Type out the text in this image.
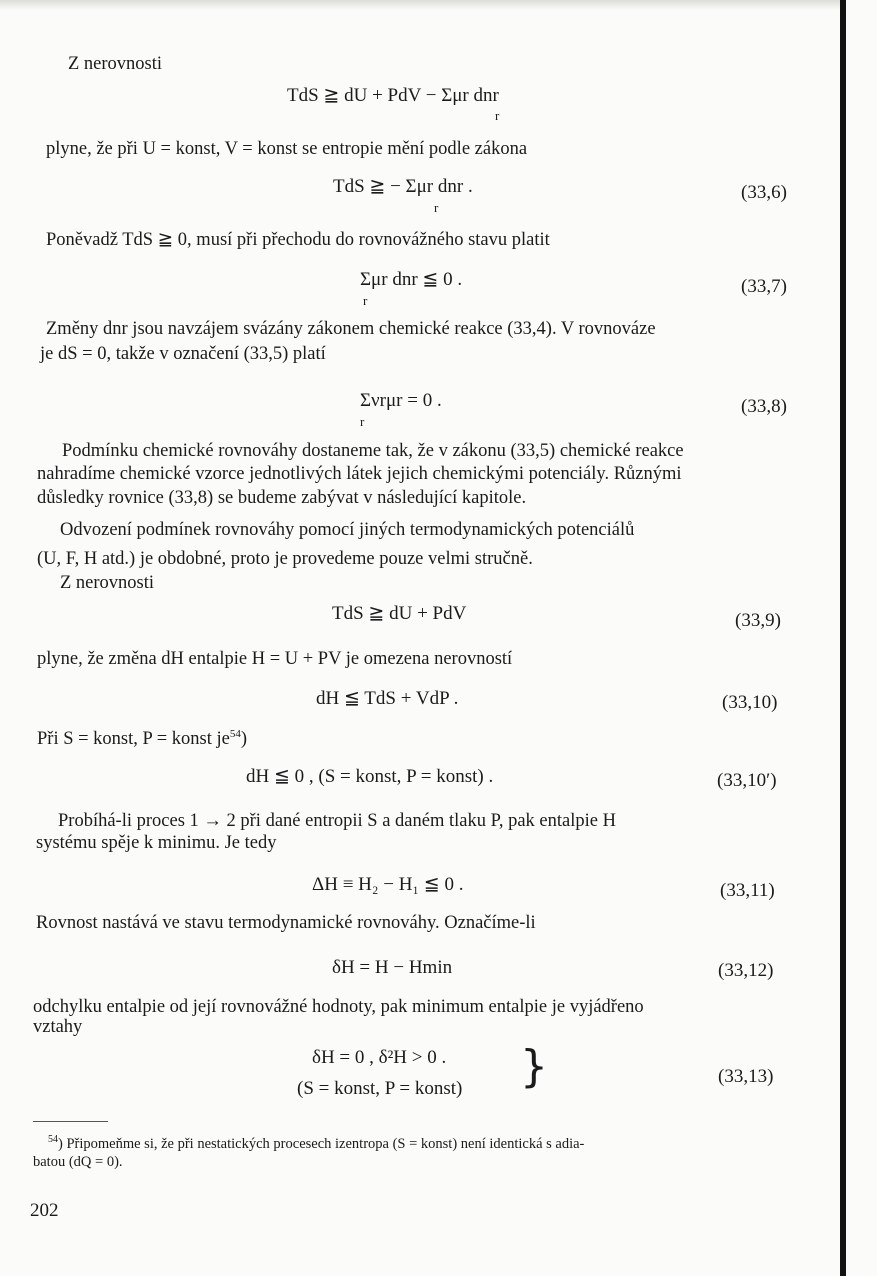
Z nerovnosti
TdS ≧ dU + PdV − Σμr dnr
r
plyne, že při U = konst, V = konst se entropie mění podle zákona
TdS ≧ − Σμr dnr .
r
(33,6)
Poněvadž TdS ≧ 0, musí při přechodu do rovnovážného stavu platit
Σμr dnr ≦ 0 .
r
(33,7)
Změny dnr jsou navzájem svázány zákonem chemické reakce (33,4). V rovnováze
je dS = 0, takže v označení (33,5) platí
Σνrμr = 0 .
r
(33,8)
Podmínku chemické rovnováhy dostaneme tak, že v zákonu (33,5) chemické reakce
nahradíme chemické vzorce jednotlivých látek jejich chemickými potenciály. Různými
důsledky rovnice (33,8) se budeme zabývat v následující kapitole.
Odvození podmínek rovnováhy pomocí jiných termodynamických potenciálů
(U, F, H atd.) je obdobné, proto je provedeme pouze velmi stručně.
Z nerovnosti
TdS ≧ dU + PdV	(33,9)
plyne, že změna dH entalpie H = U + PV je omezena nerovností
dH ≦ TdS + VdP .	(33,10)
Při S = konst, P = konst $je^{54}$)
dH ≦ 0 , (S = konst, P = konst) .	(33,10′)
Probíhá-li proces 1 → 2 při dané entropii S a daném tlaku P, pak entalpie H
systému spěje k minimu. Je tedy
ΔH ≡ H₂ − H₁ ≦ 0 .	(33,11)
Rovnost nastává ve stavu termodynamické rovnováhy. Označíme-li
δH = H − Hmin	(33,12)
odchylku entalpie od její rovnovážné hodnoty, pak minimum entalpie je vyjádřeno
vztahy
δH = 0 , δ²H > 0 .
(S = konst, P = konst) }	(33,13)
$^{54}$) Připomeňme si, že při nestatických procesech izentropa (S = konst) není identická s adia-
batou (dQ = 0).
202
